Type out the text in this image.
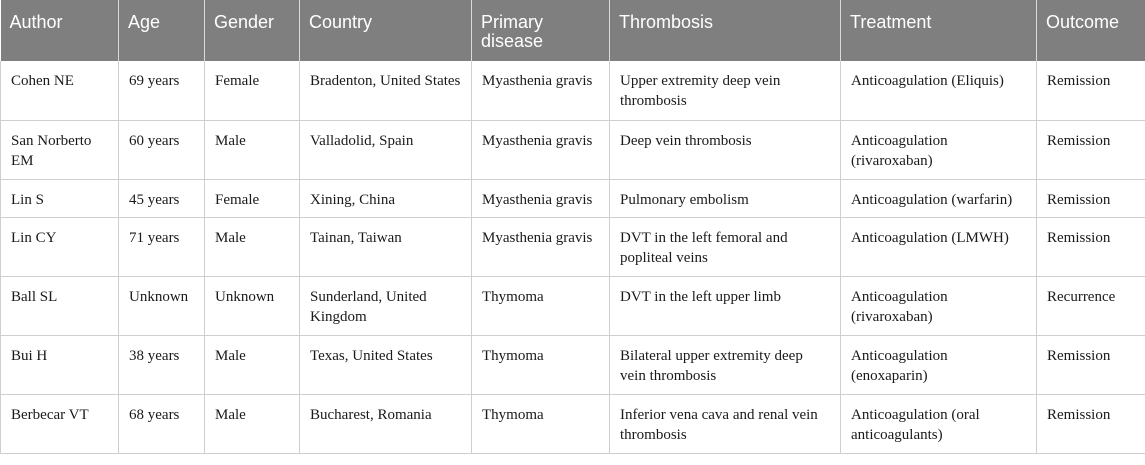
Author	Age	Gender	Country	Primary disease	Thrombosis	Treatment	Outcome
Cohen NE	69 years	Female	Bradenton, United States	Myasthenia gravis	Upper extremity deep vein thrombosis	Anticoagulation (Eliquis)	Remission
San Norberto EM	60 years	Male	Valladolid, Spain	Myasthenia gravis	Deep vein thrombosis	Anticoagulation (rivaroxaban)	Remission
Lin S	45 years	Female	Xining, China	Myasthenia gravis	Pulmonary embolism	Anticoagulation (warfarin)	Remission
Lin CY	71 years	Male	Tainan, Taiwan	Myasthenia gravis	DVT in the left femoral and popliteal veins	Anticoagulation (LMWH)	Remission
Ball SL	Unknown	Unknown	Sunderland, United Kingdom	Thymoma	DVT in the left upper limb	Anticoagulation (rivaroxaban)	Recurrence
Bui H	38 years	Male	Texas, United States	Thymoma	Bilateral upper extremity deep vein thrombosis	Anticoagulation (enoxaparin)	Remission
Berbecar VT	68 years	Male	Bucharest, Romania	Thymoma	Inferior vena cava and renal vein thrombosis	Anticoagulation (oral anticoagulants)	Remission
